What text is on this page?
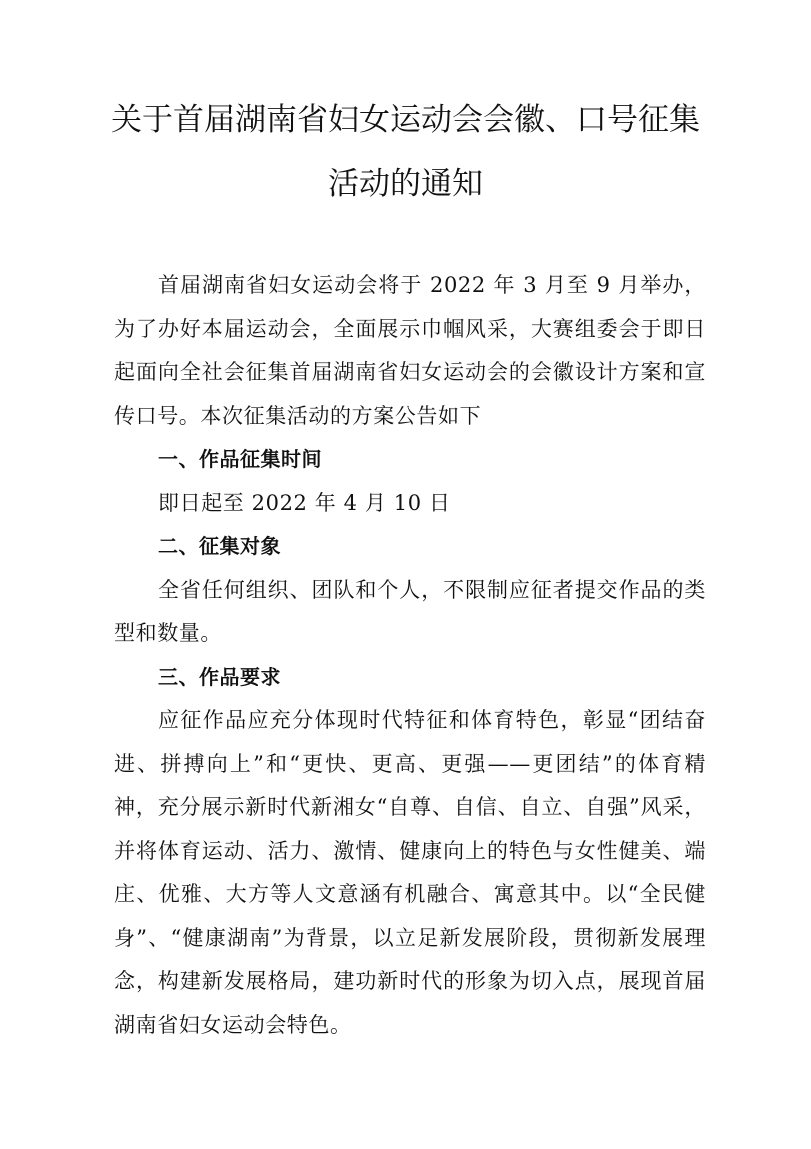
关于首届湖南省妇女运动会会徽、口号征集
活动的通知

首届湖南省妇女运动会将于 2022 年 3 月至 9 月举办，为了办好本届运动会，全面展示巾帼风采，大赛组委会于即日起面向全社会征集首届湖南省妇女运动会的会徽设计方案和宣传口号。本次征集活动的方案公告如下

一、作品征集时间

即日起至 2022 年 4 月 10 日

二、征集对象

全省任何组织、团队和个人，不限制应征者提交作品的类型和数量。

三、作品要求

应征作品应充分体现时代特征和体育特色，彰显“团结奋进、拼搏向上”和“更快、更高、更强——更团结”的体育精神，充分展示新时代新湘女“自尊、自信、自立、自强”风采，并将体育运动、活力、激情、健康向上的特色与女性健美、端庄、优雅、大方等人文意涵有机融合、寓意其中。以“全民健身”、“健康湖南”为背景，以立足新发展阶段，贯彻新发展理念，构建新发展格局，建功新时代的形象为切入点，展现首届湖南省妇女运动会特色。
